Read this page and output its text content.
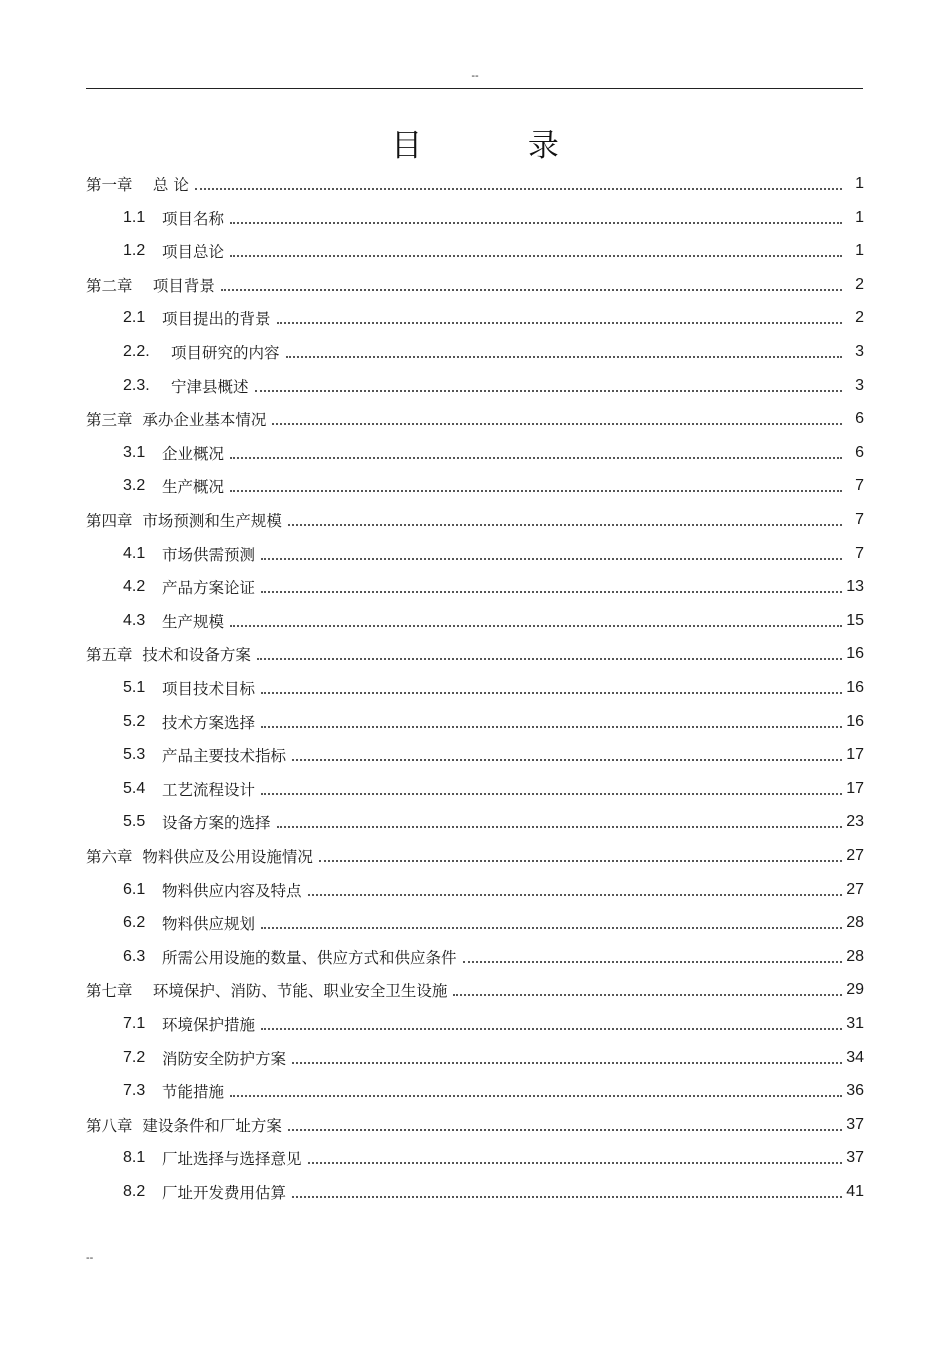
--
目 录
第一章　 总 论	1
1.1	项目名称	1
1.2	项目总论	1
第二章　 项目背景	2
2.1	项目提出的背景	2
2.2.	项目研究的内容	3
2.3.	宁津县概述	3
第三章  承办企业基本情况	6
3.1	企业概况	6
3.2	生产概况	7
第四章  市场预测和生产规模	7
4.1	市场供需预测	7
4.2	产品方案论证	13
4.3	生产规模	15
第五章  技术和设备方案	16
5.1	项目技术目标	16
5.2	技术方案选择	16
5.3	产品主要技术指标	17
5.4	工艺流程设计	17
5.5	设备方案的选择	23
第六章  物料供应及公用设施情况	27
6.1	物料供应内容及特点	27
6.2	物料供应规划	28
6.3	所需公用设施的数量、供应方式和供应条件	28
第七章　 环境保护、消防、节能、职业安全卫生设施	29
7.1	环境保护措施	31
7.2	消防安全防护方案	34
7.3	节能措施	36
第八章  建设条件和厂址方案	37
8.1	厂址选择与选择意见	37
8.2	厂址开发费用估算	41
--
